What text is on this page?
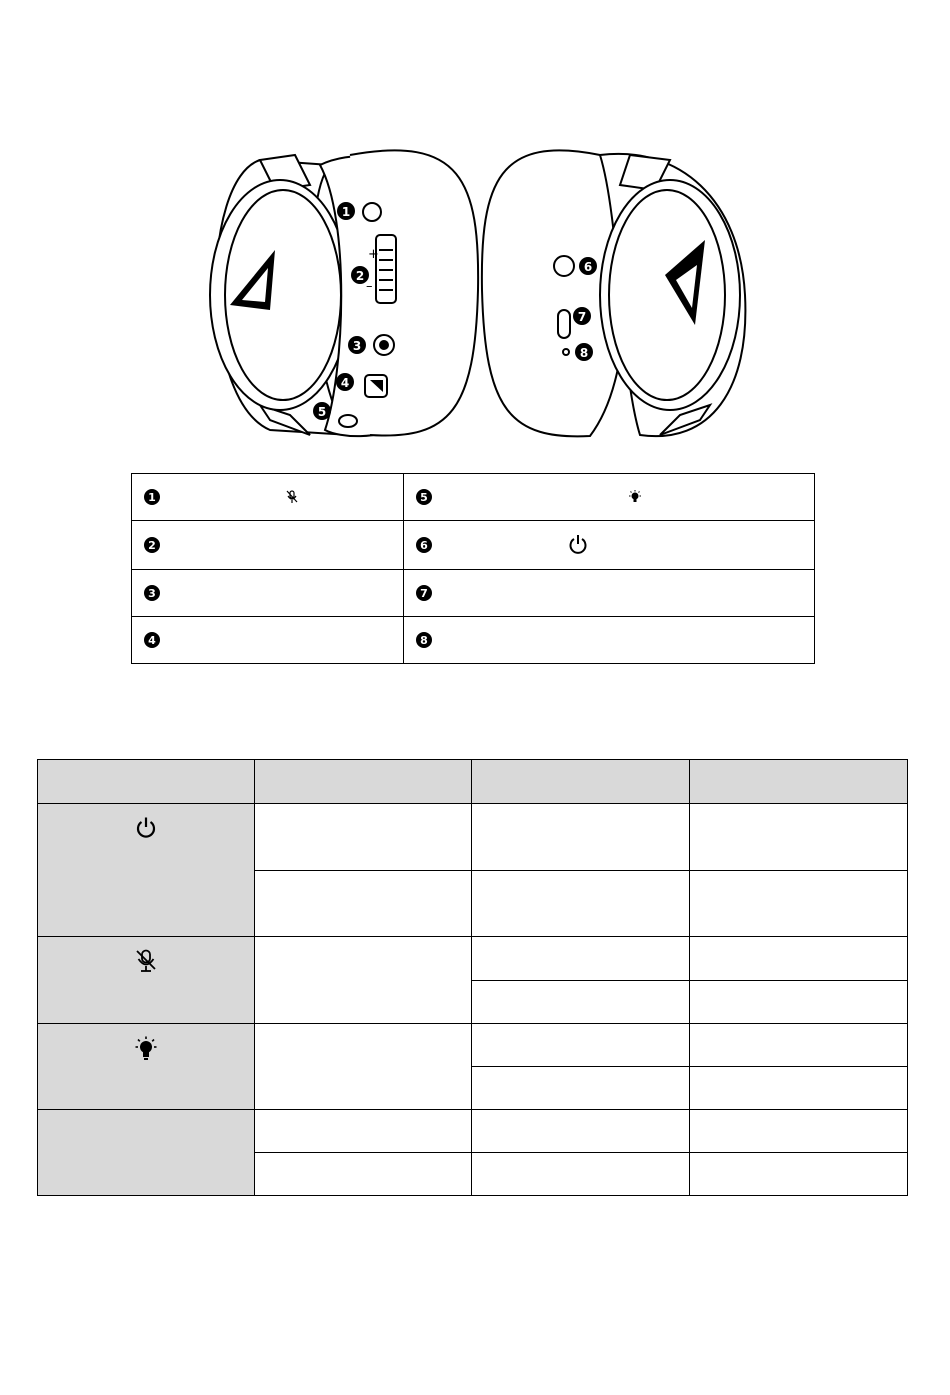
1
2
3
4
5
6
7
8
+
–
1	5

2	6

3	7

4	8
